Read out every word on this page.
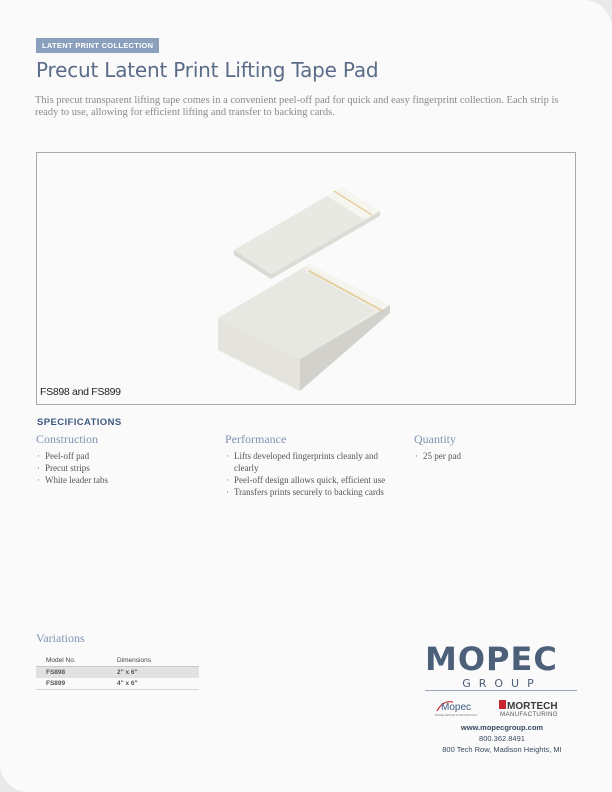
LATENT PRINT COLLECTION
Precut Latent Print Lifting Tape Pad

This precut transparent lifting tape comes in a convenient peel-off pad for quick and easy fingerprint collection. Each strip is ready to use, allowing for efficient lifting and transfer to backing cards.

FS898 and FS899
SPECIFICATIONS
Construction
· Peel-off pad
· Precut strips
· White leader tabs
Performance
· Lifts developed fingerprints cleanly and clearly
· Peel-off design allows quick, efficient use
· Transfers prints securely to backing cards
Quantity
· 25 per pad
Variations
Model No.	Dimensions
FS898	2" x 6"
FS899	4" x 6"
MOPEC
GROUP
Mopec
EXCELLENCE IN PATHOLOGY
MORTECH
MANUFACTURING
www.mopecgroup.com
800.362.8491
800 Tech Row, Madison Heights, MI
